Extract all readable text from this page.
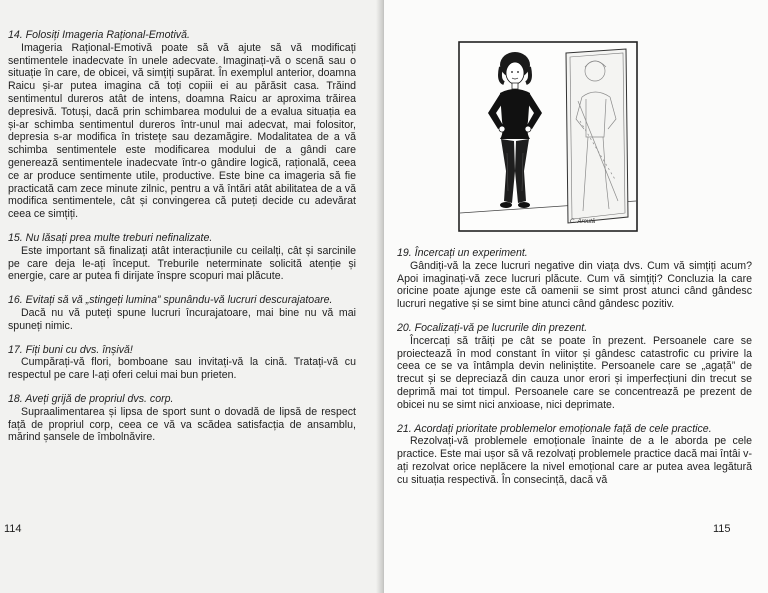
14. Folosiți Imageria Rațional-Emotivă.
Imageria Rațional-Emotivă poate să vă ajute să vă modificați sentimentele inadecvate în unele adecvate. Imaginați-vă o scenă sau o situație în care, de obicei, vă simțiți supărat. În exemplul anterior, doamna Raicu și-ar putea imagina că toți copiii ei au părăsit casa. Trăind sentimentul dureros atât de intens, doamna Raicu ar aproxima trăirea depresivă. Totuși, dacă prin schimbarea modului de a evalua situația ea și-ar schimba sentimentul dureros într-unul mai adecvat, mai folositor, depresia s-ar modifica în tristețe sau dezamăgire. Modalitatea de a vă schimba sentimentele este modificarea modului de a gândi care generează sentimentele inadecvate într-o gândire logică, rațională, ceea ce ar produce sentimente utile, productive. Este bine ca imageria să fie practicată cam zece minute zilnic, pentru a vă întări atât abilitatea de a vă modifica sentimentele, cât și convingerea că puteți decide cu adevărat ceea ce simțiți.
15. Nu lăsați prea multe treburi nefinalizate.
Este important să finalizați atât interacțiunile cu ceilalți, cât și sarcinile pe care deja le-ați început. Treburile neterminate solicită atenție și energie, care ar putea fi dirijate înspre scopuri mai plăcute.
16. Evitați să vă „stingeți lumina” spunându-vă lucruri descurajatoare.
Dacă nu vă puteți spune lucruri încurajatoare, mai bine nu vă mai spuneți nimic.
17. Fiți buni cu dvs. înșivă!
Cumpărați-vă flori, bomboane sau invitați-vă la cină. Tratați-vă cu respectul pe care l-ați oferi celui mai bun prieten.
18. Aveți grijă de propriul dvs. corp.
Supraalimentarea și lipsa de sport sunt o dovadă de lipsă de respect față de propriul corp, ceea ce vă va scădea satisfacția de ansamblu, mărind șansele de îmbolnăvire.
114
C. Aroută
19. Încercați un experiment.
Gândiți-vă la zece lucruri negative din viața dvs. Cum vă simțiți acum? Apoi imaginați-vă zece lucruri plăcute. Cum vă simțiți? Concluzia la care oricine poate ajunge este că oamenii se simt prost atunci când gândesc lucruri negative și se simt bine atunci când gândesc pozitiv.
20. Focalizați-vă pe lucrurile din prezent.
Încercați să trăiți pe cât se poate în prezent. Persoanele care se proiectează în mod constant în viitor și gândesc catastrofic cu privire la ceea ce se va întâmpla devin neliniștite. Persoanele care se „agață” de trecut și se depreciază din cauza unor erori și imperfecțiuni din trecut se deprimă mai tot timpul. Persoanele care se concentrează pe prezent de obicei nu se simt nici anxioase, nici deprimate.
21. Acordați prioritate problemelor emoționale față de cele practice.
Rezolvați-vă problemele emoționale înainte de a le aborda pe cele practice. Este mai ușor să vă rezolvați problemele practice dacă mai întâi v-ați rezolvat orice neplăcere la nivel emoțional care ar putea avea legătură cu situația respectivă. În consecință, dacă vă
115
